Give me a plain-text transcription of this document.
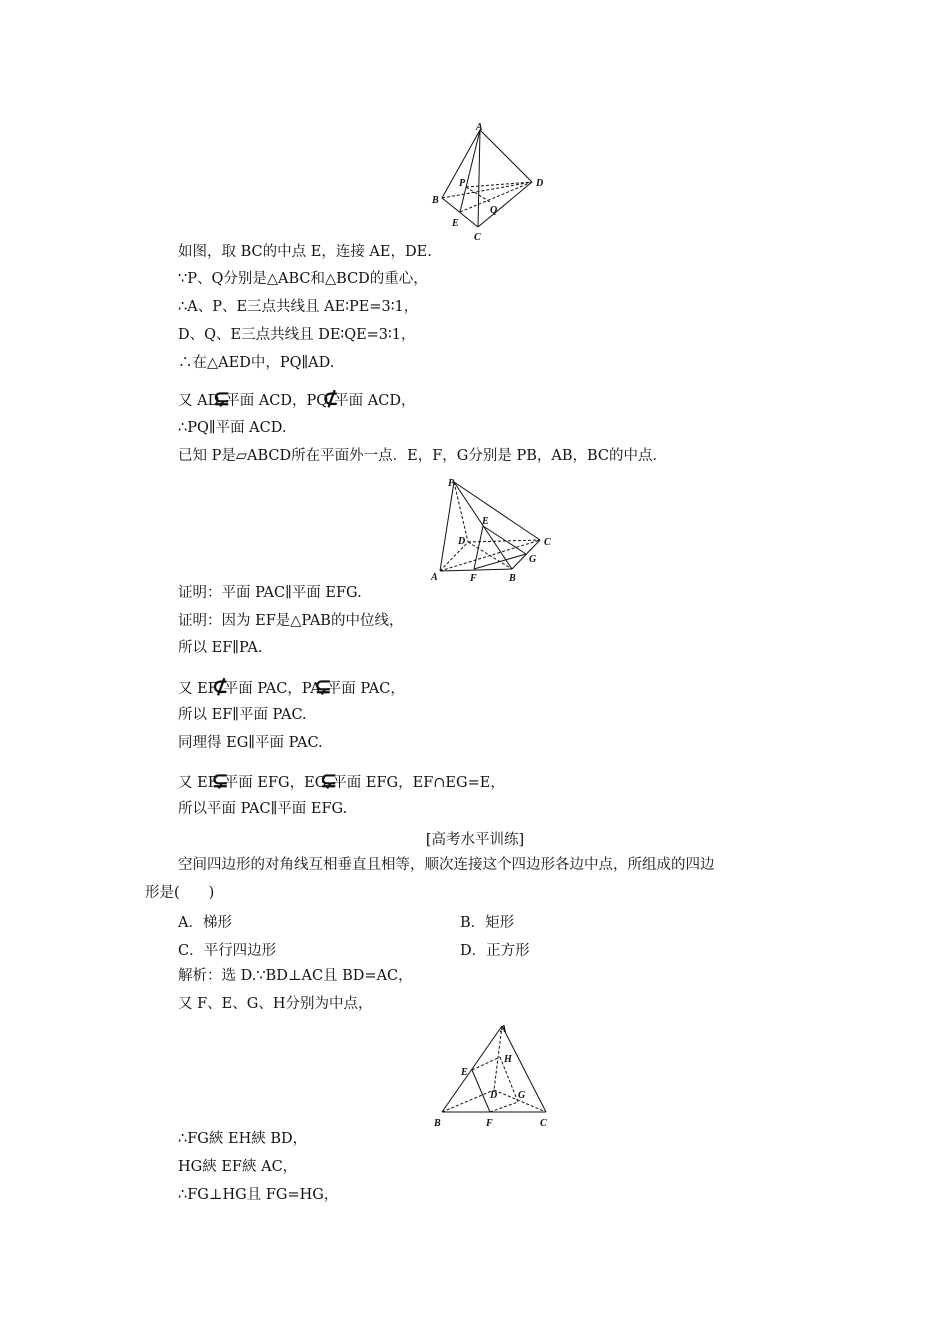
A
B
C
D
E
P
Q
如图，取 BC的中点 E，连接 AE，DE.
∵P、Q分别是△ABC和△BCD的重心，
∴A、P、E三点共线且 AE∶PE=3∶1，
D、Q、E三点共线且 DE∶QE=3∶1，
∴在△AED中，PQ∥AD.
又 AD⊊平面 ACD，PQ⊄平面 ACD，
∴PQ∥平面 ACD.
已知 P是▱ABCD所在平面外一点．E，F，G分别是 PB，AB，BC的中点．
P
A	B
C
D
E
F
G
证明：平面 PAC∥平面 EFG.
证明：因为 EF是△PAB的中位线，
所以 EF∥PA.
又 EF⊄平面 PAC，PA⊊平面 PAC，
所以 EF∥平面 PAC.
同理得 EG∥平面 PAC.
又 EF⊊平面 EFG，EG⊊平面 EFG，EF∩EG=E，
所以平面 PAC∥平面 EFG.
[高考水平训练]
空间四边形的对角线互相垂直且相等，顺次连接这个四边形各边中点，所组成的四边
形是(　　)
A．梯形	B．矩形
C．平行四边形	D．正方形
解析：选 D.∵BD⊥AC且 BD=AC，
又 F、E、G、H分别为中点，
A
B	C
D
E
F
G
H
∴FG綊 EH綊 BD，
HG綊 EF綊 AC，
∴FG⊥HG且 FG=HG，
